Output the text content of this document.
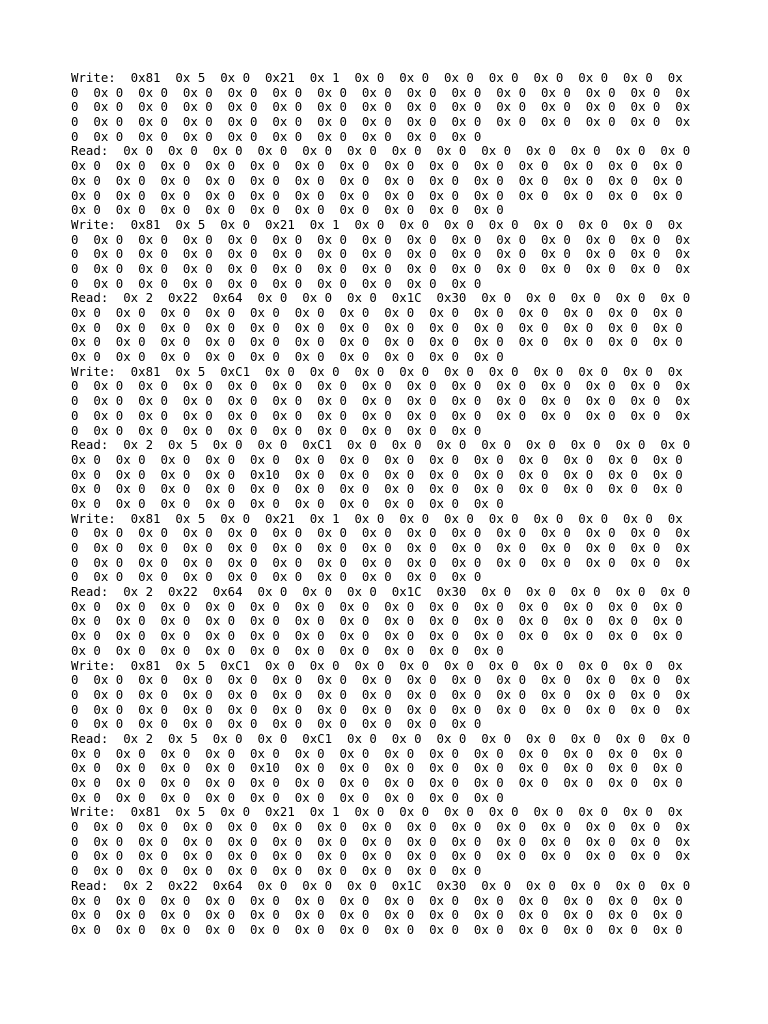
Write:  0x81  0x 5  0x 0  0x21  0x 1  0x 0  0x 0  0x 0  0x 0  0x 0  0x 0  0x 0  0x
0  0x 0  0x 0  0x 0  0x 0  0x 0  0x 0  0x 0  0x 0  0x 0  0x 0  0x 0  0x 0  0x 0  0x
0  0x 0  0x 0  0x 0  0x 0  0x 0  0x 0  0x 0  0x 0  0x 0  0x 0  0x 0  0x 0  0x 0  0x
0  0x 0  0x 0  0x 0  0x 0  0x 0  0x 0  0x 0  0x 0  0x 0  0x 0  0x 0  0x 0  0x 0  0x
0  0x 0  0x 0  0x 0  0x 0  0x 0  0x 0  0x 0  0x 0  0x 0
Read:  0x 0  0x 0  0x 0  0x 0  0x 0  0x 0  0x 0  0x 0  0x 0  0x 0  0x 0  0x 0  0x 0
0x 0  0x 0  0x 0  0x 0  0x 0  0x 0  0x 0  0x 0  0x 0  0x 0  0x 0  0x 0  0x 0  0x 0
0x 0  0x 0  0x 0  0x 0  0x 0  0x 0  0x 0  0x 0  0x 0  0x 0  0x 0  0x 0  0x 0  0x 0
0x 0  0x 0  0x 0  0x 0  0x 0  0x 0  0x 0  0x 0  0x 0  0x 0  0x 0  0x 0  0x 0  0x 0
0x 0  0x 0  0x 0  0x 0  0x 0  0x 0  0x 0  0x 0  0x 0  0x 0
Write:  0x81  0x 5  0x 0  0x21  0x 1  0x 0  0x 0  0x 0  0x 0  0x 0  0x 0  0x 0  0x
0  0x 0  0x 0  0x 0  0x 0  0x 0  0x 0  0x 0  0x 0  0x 0  0x 0  0x 0  0x 0  0x 0  0x
0  0x 0  0x 0  0x 0  0x 0  0x 0  0x 0  0x 0  0x 0  0x 0  0x 0  0x 0  0x 0  0x 0  0x
0  0x 0  0x 0  0x 0  0x 0  0x 0  0x 0  0x 0  0x 0  0x 0  0x 0  0x 0  0x 0  0x 0  0x
0  0x 0  0x 0  0x 0  0x 0  0x 0  0x 0  0x 0  0x 0  0x 0
Read:  0x 2  0x22  0x64  0x 0  0x 0  0x 0  0x1C  0x30  0x 0  0x 0  0x 0  0x 0  0x 0
0x 0  0x 0  0x 0  0x 0  0x 0  0x 0  0x 0  0x 0  0x 0  0x 0  0x 0  0x 0  0x 0  0x 0
0x 0  0x 0  0x 0  0x 0  0x 0  0x 0  0x 0  0x 0  0x 0  0x 0  0x 0  0x 0  0x 0  0x 0
0x 0  0x 0  0x 0  0x 0  0x 0  0x 0  0x 0  0x 0  0x 0  0x 0  0x 0  0x 0  0x 0  0x 0
0x 0  0x 0  0x 0  0x 0  0x 0  0x 0  0x 0  0x 0  0x 0  0x 0
Write:  0x81  0x 5  0xC1  0x 0  0x 0  0x 0  0x 0  0x 0  0x 0  0x 0  0x 0  0x 0  0x
0  0x 0  0x 0  0x 0  0x 0  0x 0  0x 0  0x 0  0x 0  0x 0  0x 0  0x 0  0x 0  0x 0  0x
0  0x 0  0x 0  0x 0  0x 0  0x 0  0x 0  0x 0  0x 0  0x 0  0x 0  0x 0  0x 0  0x 0  0x
0  0x 0  0x 0  0x 0  0x 0  0x 0  0x 0  0x 0  0x 0  0x 0  0x 0  0x 0  0x 0  0x 0  0x
0  0x 0  0x 0  0x 0  0x 0  0x 0  0x 0  0x 0  0x 0  0x 0
Read:  0x 2  0x 5  0x 0  0x 0  0xC1  0x 0  0x 0  0x 0  0x 0  0x 0  0x 0  0x 0  0x 0
0x 0  0x 0  0x 0  0x 0  0x 0  0x 0  0x 0  0x 0  0x 0  0x 0  0x 0  0x 0  0x 0  0x 0
0x 0  0x 0  0x 0  0x 0  0x10  0x 0  0x 0  0x 0  0x 0  0x 0  0x 0  0x 0  0x 0  0x 0
0x 0  0x 0  0x 0  0x 0  0x 0  0x 0  0x 0  0x 0  0x 0  0x 0  0x 0  0x 0  0x 0  0x 0
0x 0  0x 0  0x 0  0x 0  0x 0  0x 0  0x 0  0x 0  0x 0  0x 0
Write:  0x81  0x 5  0x 0  0x21  0x 1  0x 0  0x 0  0x 0  0x 0  0x 0  0x 0  0x 0  0x
0  0x 0  0x 0  0x 0  0x 0  0x 0  0x 0  0x 0  0x 0  0x 0  0x 0  0x 0  0x 0  0x 0  0x
0  0x 0  0x 0  0x 0  0x 0  0x 0  0x 0  0x 0  0x 0  0x 0  0x 0  0x 0  0x 0  0x 0  0x
0  0x 0  0x 0  0x 0  0x 0  0x 0  0x 0  0x 0  0x 0  0x 0  0x 0  0x 0  0x 0  0x 0  0x
0  0x 0  0x 0  0x 0  0x 0  0x 0  0x 0  0x 0  0x 0  0x 0
Read:  0x 2  0x22  0x64  0x 0  0x 0  0x 0  0x1C  0x30  0x 0  0x 0  0x 0  0x 0  0x 0
0x 0  0x 0  0x 0  0x 0  0x 0  0x 0  0x 0  0x 0  0x 0  0x 0  0x 0  0x 0  0x 0  0x 0
0x 0  0x 0  0x 0  0x 0  0x 0  0x 0  0x 0  0x 0  0x 0  0x 0  0x 0  0x 0  0x 0  0x 0
0x 0  0x 0  0x 0  0x 0  0x 0  0x 0  0x 0  0x 0  0x 0  0x 0  0x 0  0x 0  0x 0  0x 0
0x 0  0x 0  0x 0  0x 0  0x 0  0x 0  0x 0  0x 0  0x 0  0x 0
Write:  0x81  0x 5  0xC1  0x 0  0x 0  0x 0  0x 0  0x 0  0x 0  0x 0  0x 0  0x 0  0x
0  0x 0  0x 0  0x 0  0x 0  0x 0  0x 0  0x 0  0x 0  0x 0  0x 0  0x 0  0x 0  0x 0  0x
0  0x 0  0x 0  0x 0  0x 0  0x 0  0x 0  0x 0  0x 0  0x 0  0x 0  0x 0  0x 0  0x 0  0x
0  0x 0  0x 0  0x 0  0x 0  0x 0  0x 0  0x 0  0x 0  0x 0  0x 0  0x 0  0x 0  0x 0  0x
0  0x 0  0x 0  0x 0  0x 0  0x 0  0x 0  0x 0  0x 0  0x 0
Read:  0x 2  0x 5  0x 0  0x 0  0xC1  0x 0  0x 0  0x 0  0x 0  0x 0  0x 0  0x 0  0x 0
0x 0  0x 0  0x 0  0x 0  0x 0  0x 0  0x 0  0x 0  0x 0  0x 0  0x 0  0x 0  0x 0  0x 0
0x 0  0x 0  0x 0  0x 0  0x10  0x 0  0x 0  0x 0  0x 0  0x 0  0x 0  0x 0  0x 0  0x 0
0x 0  0x 0  0x 0  0x 0  0x 0  0x 0  0x 0  0x 0  0x 0  0x 0  0x 0  0x 0  0x 0  0x 0
0x 0  0x 0  0x 0  0x 0  0x 0  0x 0  0x 0  0x 0  0x 0  0x 0
Write:  0x81  0x 5  0x 0  0x21  0x 1  0x 0  0x 0  0x 0  0x 0  0x 0  0x 0  0x 0  0x
0  0x 0  0x 0  0x 0  0x 0  0x 0  0x 0  0x 0  0x 0  0x 0  0x 0  0x 0  0x 0  0x 0  0x
0  0x 0  0x 0  0x 0  0x 0  0x 0  0x 0  0x 0  0x 0  0x 0  0x 0  0x 0  0x 0  0x 0  0x
0  0x 0  0x 0  0x 0  0x 0  0x 0  0x 0  0x 0  0x 0  0x 0  0x 0  0x 0  0x 0  0x 0  0x
0  0x 0  0x 0  0x 0  0x 0  0x 0  0x 0  0x 0  0x 0  0x 0
Read:  0x 2  0x22  0x64  0x 0  0x 0  0x 0  0x1C  0x30  0x 0  0x 0  0x 0  0x 0  0x 0
0x 0  0x 0  0x 0  0x 0  0x 0  0x 0  0x 0  0x 0  0x 0  0x 0  0x 0  0x 0  0x 0  0x 0
0x 0  0x 0  0x 0  0x 0  0x 0  0x 0  0x 0  0x 0  0x 0  0x 0  0x 0  0x 0  0x 0  0x 0
0x 0  0x 0  0x 0  0x 0  0x 0  0x 0  0x 0  0x 0  0x 0  0x 0  0x 0  0x 0  0x 0  0x 0
